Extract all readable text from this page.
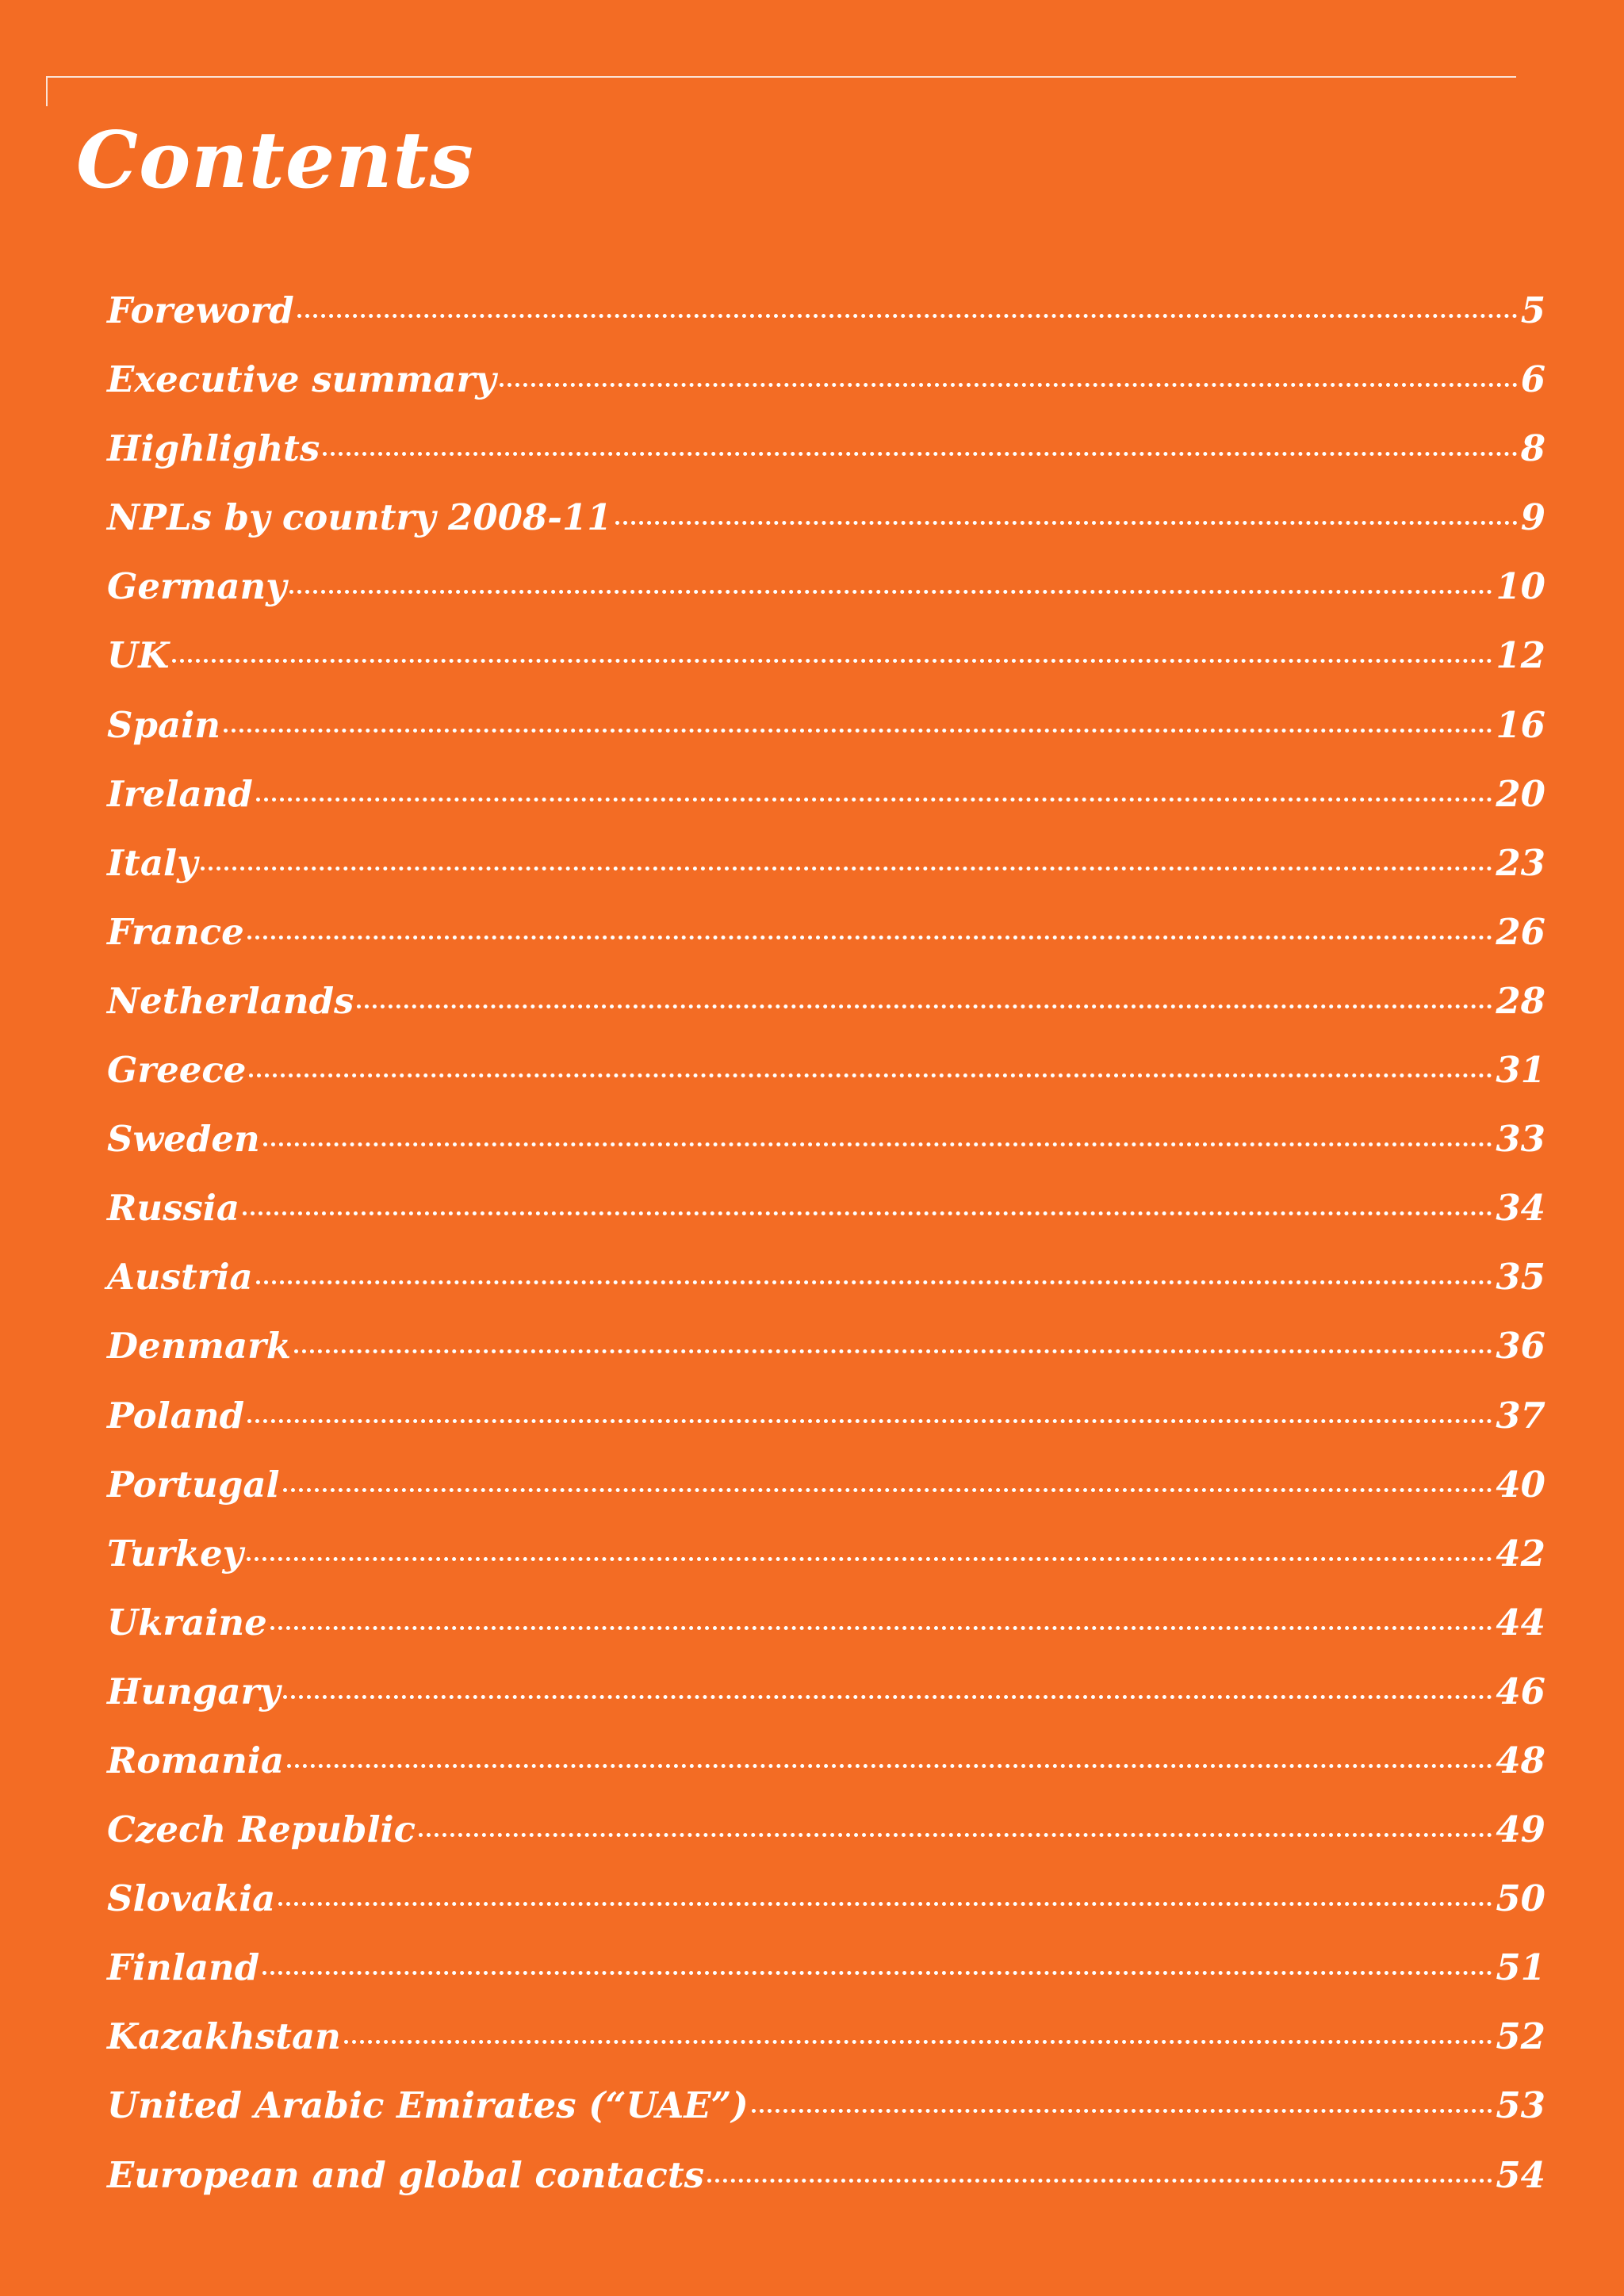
Contents
Foreword	5
Executive summary	6
Highlights	8
NPLs by country 2008-11	9
Germany	10
UK	12
Spain	16
Ireland	20
Italy	23
France	26
Netherlands	28
Greece	31
Sweden	33
Russia	34
Austria	35
Denmark	36
Poland	37
Portugal	40
Turkey	42
Ukraine	44
Hungary	46
Romania	48
Czech Republic	49
Slovakia	50
Finland	51
Kazakhstan	52
United Arabic Emirates (“UAE”)	53
European and global contacts	54
